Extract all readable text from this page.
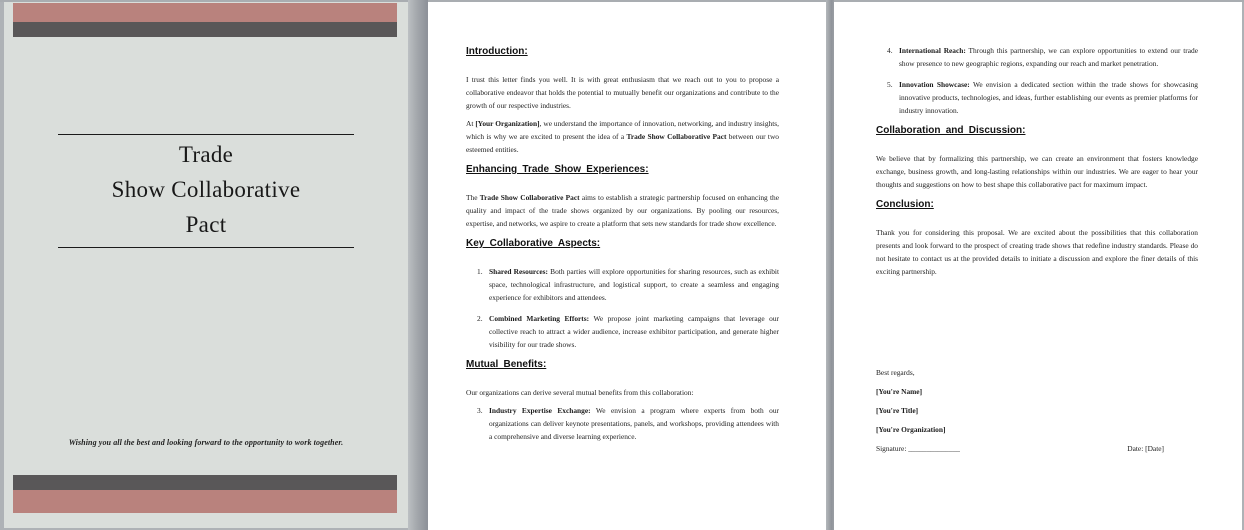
Trade
Show Collaborative
Pact
Wishing you all the best and looking forward to the opportunity to work together.
Introduction:
I trust this letter finds you well. It is with great enthusiasm that we reach out to you to propose a collaborative endeavor that holds the potential to mutually benefit our organizations and contribute to the growth of our respective industries.
At [Your Organization], we understand the importance of innovation, networking, and industry insights, which is why we are excited to present the idea of a Trade Show Collaborative Pact between our two esteemed entities.
Enhancing Trade Show Experiences:
The Trade Show Collaborative Pact aims to establish a strategic partnership focused on enhancing the quality and impact of the trade shows organized by our organizations. By pooling our resources, expertise, and networks, we aspire to create a platform that sets new standards for trade show excellence.
Key Collaborative Aspects:
1. Shared Resources: Both parties will explore opportunities for sharing resources, such as exhibit space, technological infrastructure, and logistical support, to create a seamless and engaging experience for exhibitors and attendees.
2. Combined Marketing Efforts: We propose joint marketing campaigns that leverage our collective reach to attract a wider audience, increase exhibitor participation, and generate higher visibility for our trade shows.
Mutual Benefits:
Our organizations can derive several mutual benefits from this collaboration:
3. Industry Expertise Exchange: We envision a program where experts from both our organizations can deliver keynote presentations, panels, and workshops, providing attendees with a comprehensive and diverse learning experience.
4. International Reach: Through this partnership, we can explore opportunities to extend our trade show presence to new geographic regions, expanding our reach and market penetration.
5. Innovation Showcase: We envision a dedicated section within the trade shows for showcasing innovative products, technologies, and ideas, further establishing our events as premier platforms for industry innovation.
Collaboration and Discussion:
We believe that by formalizing this partnership, we can create an environment that fosters knowledge exchange, business growth, and long-lasting relationships within our industries. We are eager to hear your thoughts and suggestions on how to best shape this collaborative pact for maximum impact.
Conclusion:
Thank you for considering this proposal. We are excited about the possibilities that this collaboration presents and look forward to the prospect of creating trade shows that redefine industry standards. Please do not hesitate to contact us at the provided details to initiate a discussion and explore the finer details of this exciting partnership.
Best regards,
[You're Name]
[You're Title]
[You're Organization]
Signature: ______________	Date: [Date]
